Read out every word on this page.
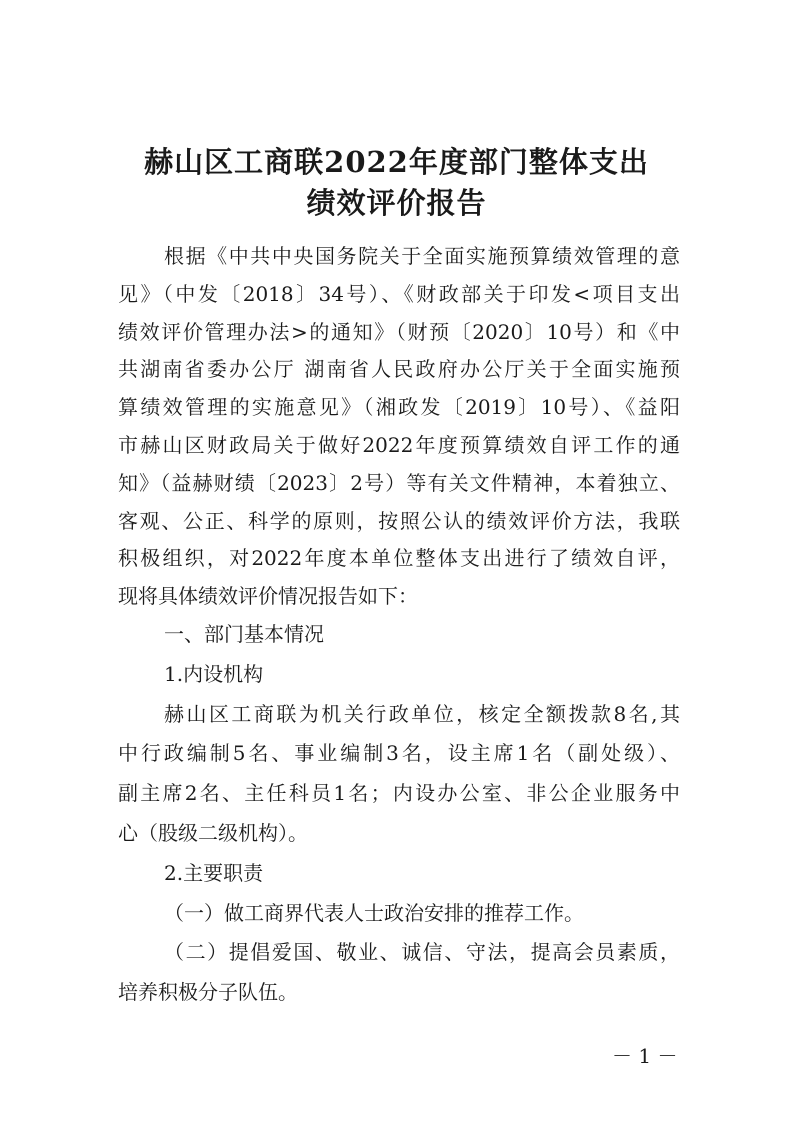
赫山区工商联2022年度部门整体支出
绩效评价报告
根据《中共中央国务院关于全面实施预算绩效管理的意
见》（中发〔2018〕34号）、《财政部关于印发<项目支出
绩效评价管理办法>的通知》（财预〔2020〕10号）和《中
共湖南省委办公厅 湖南省人民政府办公厅关于全面实施预
算绩效管理的实施意见》（湘政发〔2019〕10号）、《益阳
市赫山区财政局关于做好2022年度预算绩效自评工作的通
知》（益赫财绩〔2023〕2号）等有关文件精神，本着独立、
客观、公正、科学的原则，按照公认的绩效评价方法，我联
积极组织，对2022年度本单位整体支出进行了绩效自评，
现将具体绩效评价情况报告如下：
一、部门基本情况
1.内设机构
赫山区工商联为机关行政单位，核定全额拨款8名,其
中行政编制5名、事业编制3名，设主席1名（副处级）、
副主席2名、主任科员1名；内设办公室、非公企业服务中
心（股级二级机构）。
2.主要职责
（一）做工商界代表人士政治安排的推荐工作。
（二）提倡爱国、敬业、诚信、守法，提高会员素质，
培养积极分子队伍。
－ 1 －
